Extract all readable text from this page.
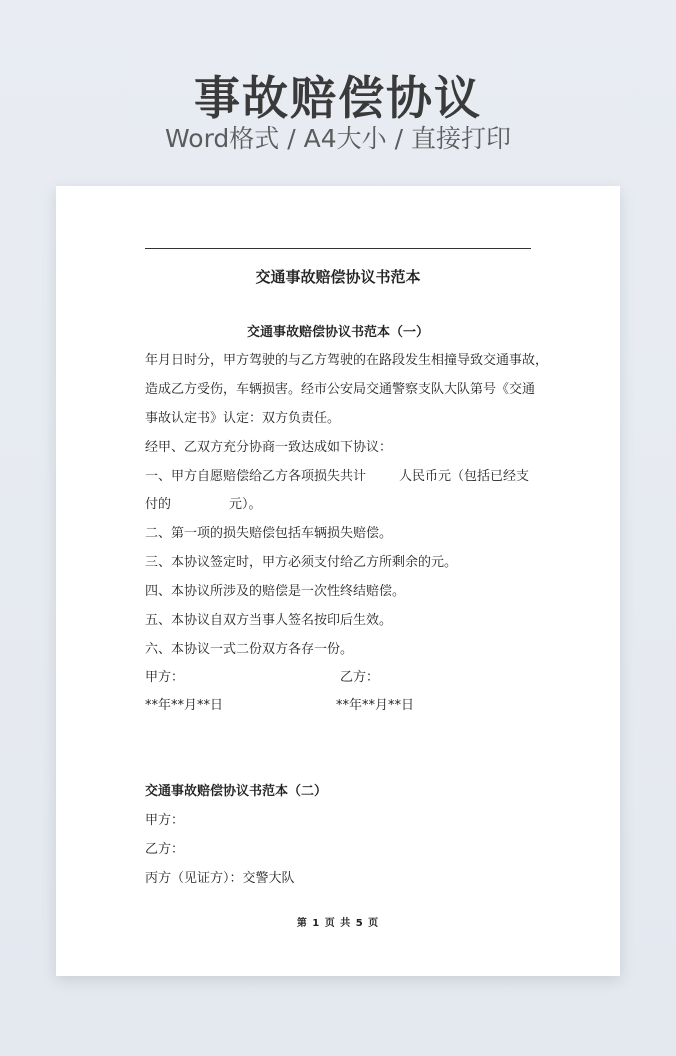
事故赔偿协议
Word格式 / A4大小 / 直接打印
交通事故赔偿协议书范本
交通事故赔偿协议书范本（一）
年月日时分，甲方驾驶的与乙方驾驶的在路段发生相撞导致交通事故，
造成乙方受伤，车辆损害。经市公安局交通警察支队大队第号《交通
事故认定书》认定：双方负责任。
经甲、乙双方充分协商一致达成如下协议：
一、甲方自愿赔偿给乙方各项损失共计	人民币元（包括已经支
付的	元）。
二、第一项的损失赔偿包括车辆损失赔偿。
三、本协议签定时，甲方必须支付给乙方所剩余的元。
四、本协议所涉及的赔偿是一次性终结赔偿。
五、本协议自双方当事人签名按印后生效。
六、本协议一式二份双方各存一份。
甲方：	乙方：
**年**月**日	**年**月**日
交通事故赔偿协议书范本（二）
甲方：
乙方：
丙方（见证方）：交警大队
第 1 页 共 5 页
